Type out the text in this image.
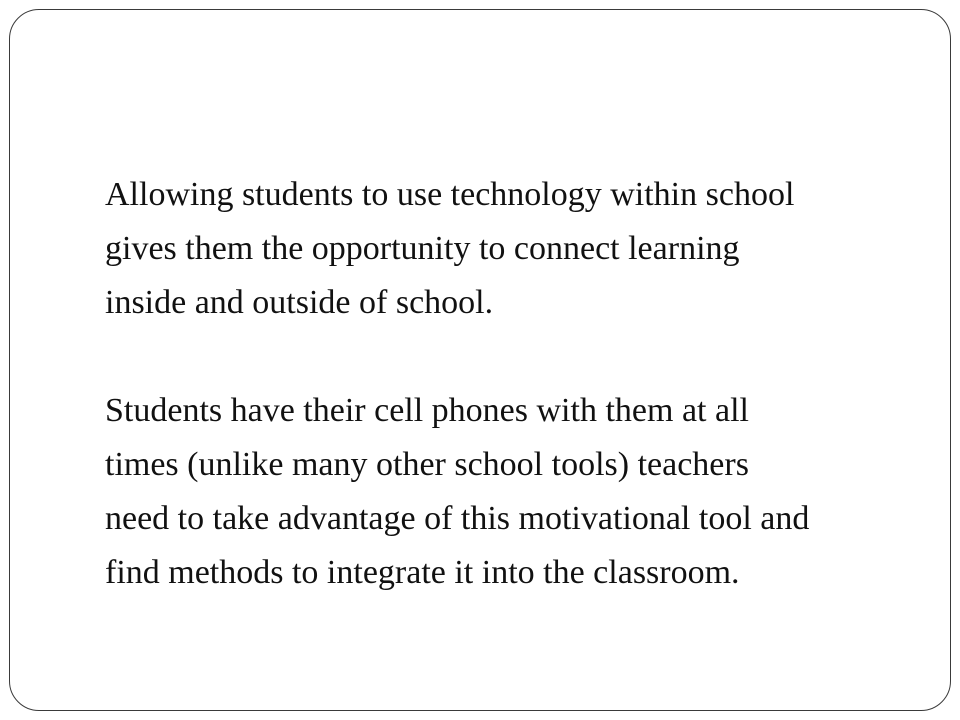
Allowing students to use technology within school
gives them the opportunity to connect learning
inside and outside of school.

Students have their cell phones with them at all
times (unlike many other school tools) teachers
need to take advantage of this motivational tool and
find methods to integrate it into the classroom.
